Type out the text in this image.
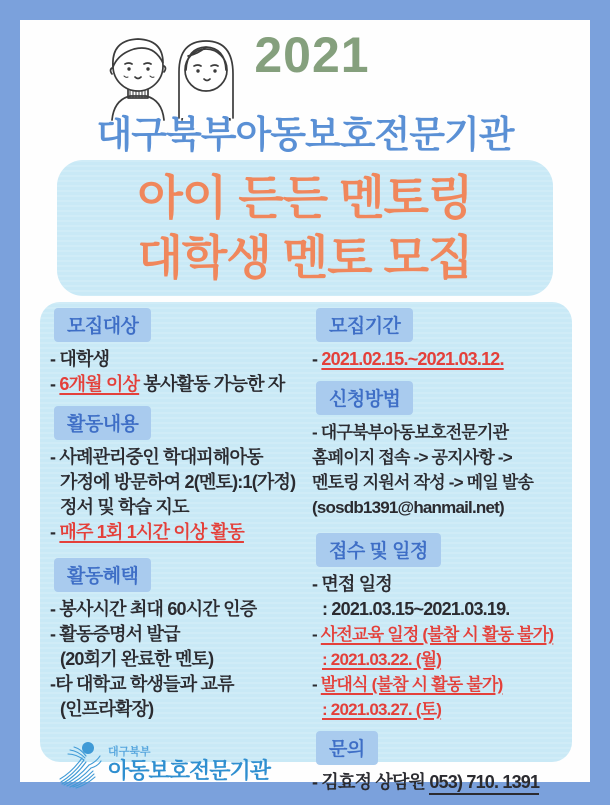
2021
대구북부아동보호전문기관
아이 든든 멘토링
대학생 멘토 모집
모집대상

- 대학생

- 6개월 이상 봉사활동 가능한 자

활동내용

- 사례관리중인 학대피해아동

가정에 방문하여 2(멘토):1(가정)

정서 및 학습 지도

- 매주 1회 1시간 이상 활동

활동혜택

- 봉사시간 최대 60시간 인증

- 활동증명서 발급

(20회기 완료한 멘토)

-타 대학교 학생들과 교류

(인프라확장)

대구북부
아동보호전문기관
모집기간

- 2021.02.15.~2021.03.12.

신청방법

- 대구북부아동보호전문기관

홈페이지 접속 -> 공지사항 ->

멘토링 지원서 작성 -> 메일 발송

(sosdb1391@hanmail.net)

접수 및 일정

- 면접 일정

: 2021.03.15~2021.03.19.

- 사전교육 일정 (불참 시 활동 불가)

: 2021.03.22. (월)

- 발대식 (불참 시 활동 불가)

: 2021.03.27. (토)

문의

- 김효정 상담원 053) 710. 1391
